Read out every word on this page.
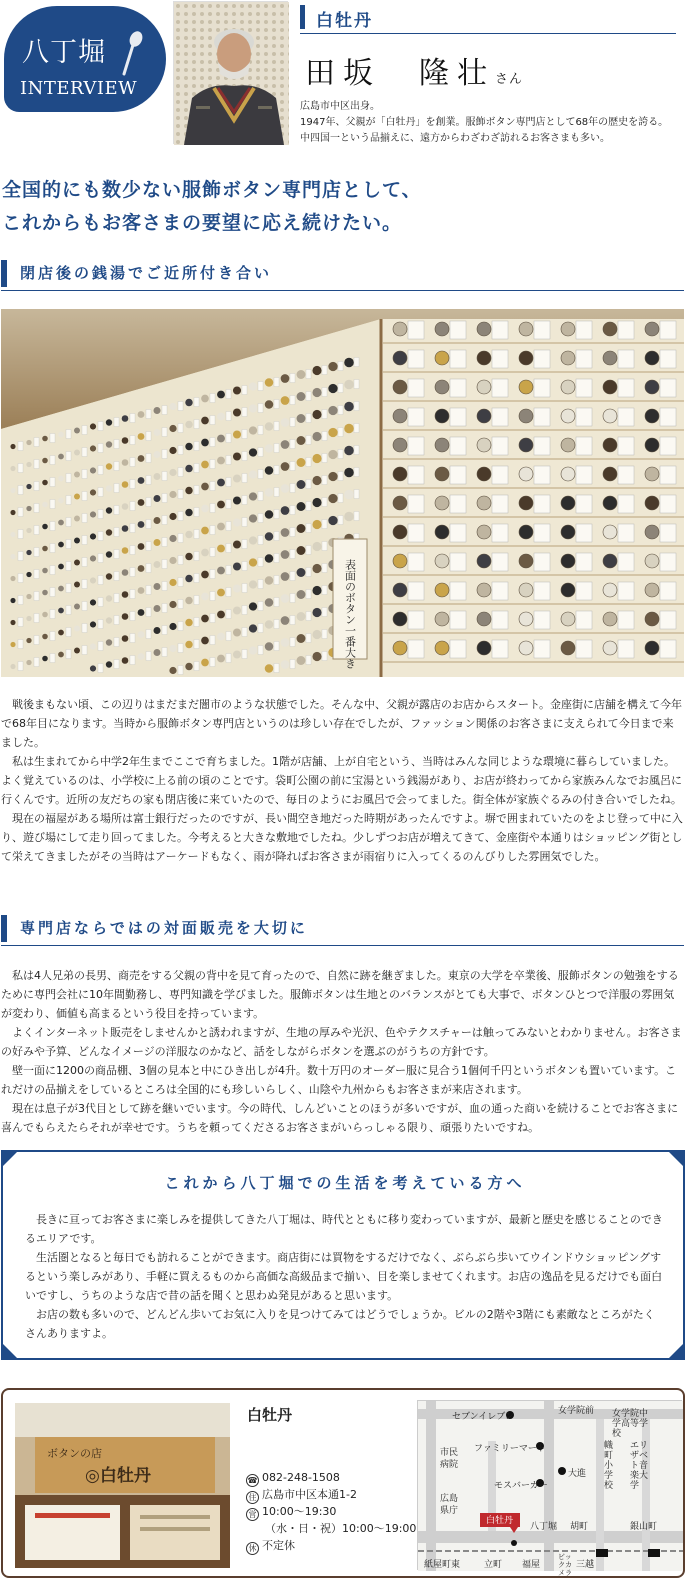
八丁堀
INTERVIEW
白牡丹
田坂　隆壮さん
広島市中区出身。
1947年、父親が「白牡丹」を創業。服飾ボタン専門店として68年の歴史を誇る。
中四国一という品揃えに、遠方からわざわざ訪れるお客さまも多い。
全国的にも数少ない服飾ボタン専門店として、
これからもお客さまの要望に応え続けたい。
閉店後の銭湯でご近所付き合い
表面のボタン一番大き

戦後まもない頃、この辺りはまだまだ闇市のような状態でした。そんな中、父親が露店のお店からスタート。金座街に店舗を構えて今年で68年目になります。当時から服飾ボタン専門店というのは珍しい存在でしたが、ファッション関係のお客さまに支えられて今日まで来ました。

私は生まれてから中学2年生までここで育ちました。1階が店舗、上が自宅という、当時はみんな同じような環境に暮らしていました。よく覚えているのは、小学校に上る前の頃のことです。袋町公園の前に宝湯という銭湯があり、お店が終わってから家族みんなでお風呂に行くんです。近所の友だちの家も閉店後に来ていたので、毎日のようにお風呂で会ってました。街全体が家族ぐるみの付き合いでしたね。

現在の福屋がある場所は富士銀行だったのですが、長い間空き地だった時期があったんですよ。塀で囲まれていたのをよじ登って中に入り、遊び場にして走り回ってました。今考えると大きな敷地でしたね。少しずつお店が増えてきて、金座街や本通りはショッピング街として栄えてきましたがその当時はアーケードもなく、雨が降ればお客さまが雨宿りに入ってくるのんびりした雰囲気でした。

専門店ならではの対面販売を大切に

私は4人兄弟の長男、商売をする父親の背中を見て育ったので、自然に跡を継ぎました。東京の大学を卒業後、服飾ボタンの勉強をするために専門会社に10年間勤務し、専門知識を学びました。服飾ボタンは生地とのバランスがとても大事で、ボタンひとつで洋服の雰囲気が変わり、価値も高まるという役目を持っています。

よくインターネット販売をしませんかと誘われますが、生地の厚みや光沢、色やテクスチャーは触ってみないとわかりません。お客さまの好みや予算、どんなイメージの洋服なのかなど、話をしながらボタンを選ぶのがうちの方針です。

壁一面に1200の商品棚、3個の見本と中にひき出しが4升。数十万円のオーダー服に見合う1個何千円というボタンも置いています。これだけの品揃えをしているところは全国的にも珍しいらしく、山陰や九州からもお客さまが来店されます。

現在は息子が3代目として跡を継いでいます。今の時代、しんどいことのほうが多いですが、血の通った商いを続けることでお客さまに喜んでもらえたらそれが幸せです。うちを頼ってくださるお客さまがいらっしゃる限り、頑張りたいですね。

これから八丁堀での生活を考えている方へ

長きに亘ってお客さまに楽しみを提供してきた八丁堀は、時代とともに移り変わっていますが、最新と歴史を感じることのできるエリアです。

生活圏となると毎日でも訪れることができます。商店街には買物をするだけでなく、ぶらぶら歩いてウインドウショッピングするという楽しみがあり、手軽に買えるものから高価な高級品まで揃い、目を楽しませてくれます。お店の逸品を見るだけでも面白いですし、うちのような店で昔の話を聞くと思わぬ発見があると思います。

お店の数も多いので、どんどん歩いてお気に入りを見つけてみてはどうでしょうか。ビルの2階や3階にも素敵なところがたくさんありますよ。

ボタンの店
◎白牡丹
白牡丹
☎ 082-248-1508
住 広島市中区本通1-2
営 10:00～19:30
（水・日・祝）10:00～19:00
休 不定休
女学院前
セブンイレブン	女学院中学高等学校
ファミリーマート
市民病院
大進
幟町小学校
エリザベト音楽大学
モスバーガー
広島県庁
八丁堀 胡町	銀山町
白牡丹
紙屋町東	立町 福屋
ビックカメラ
三越
